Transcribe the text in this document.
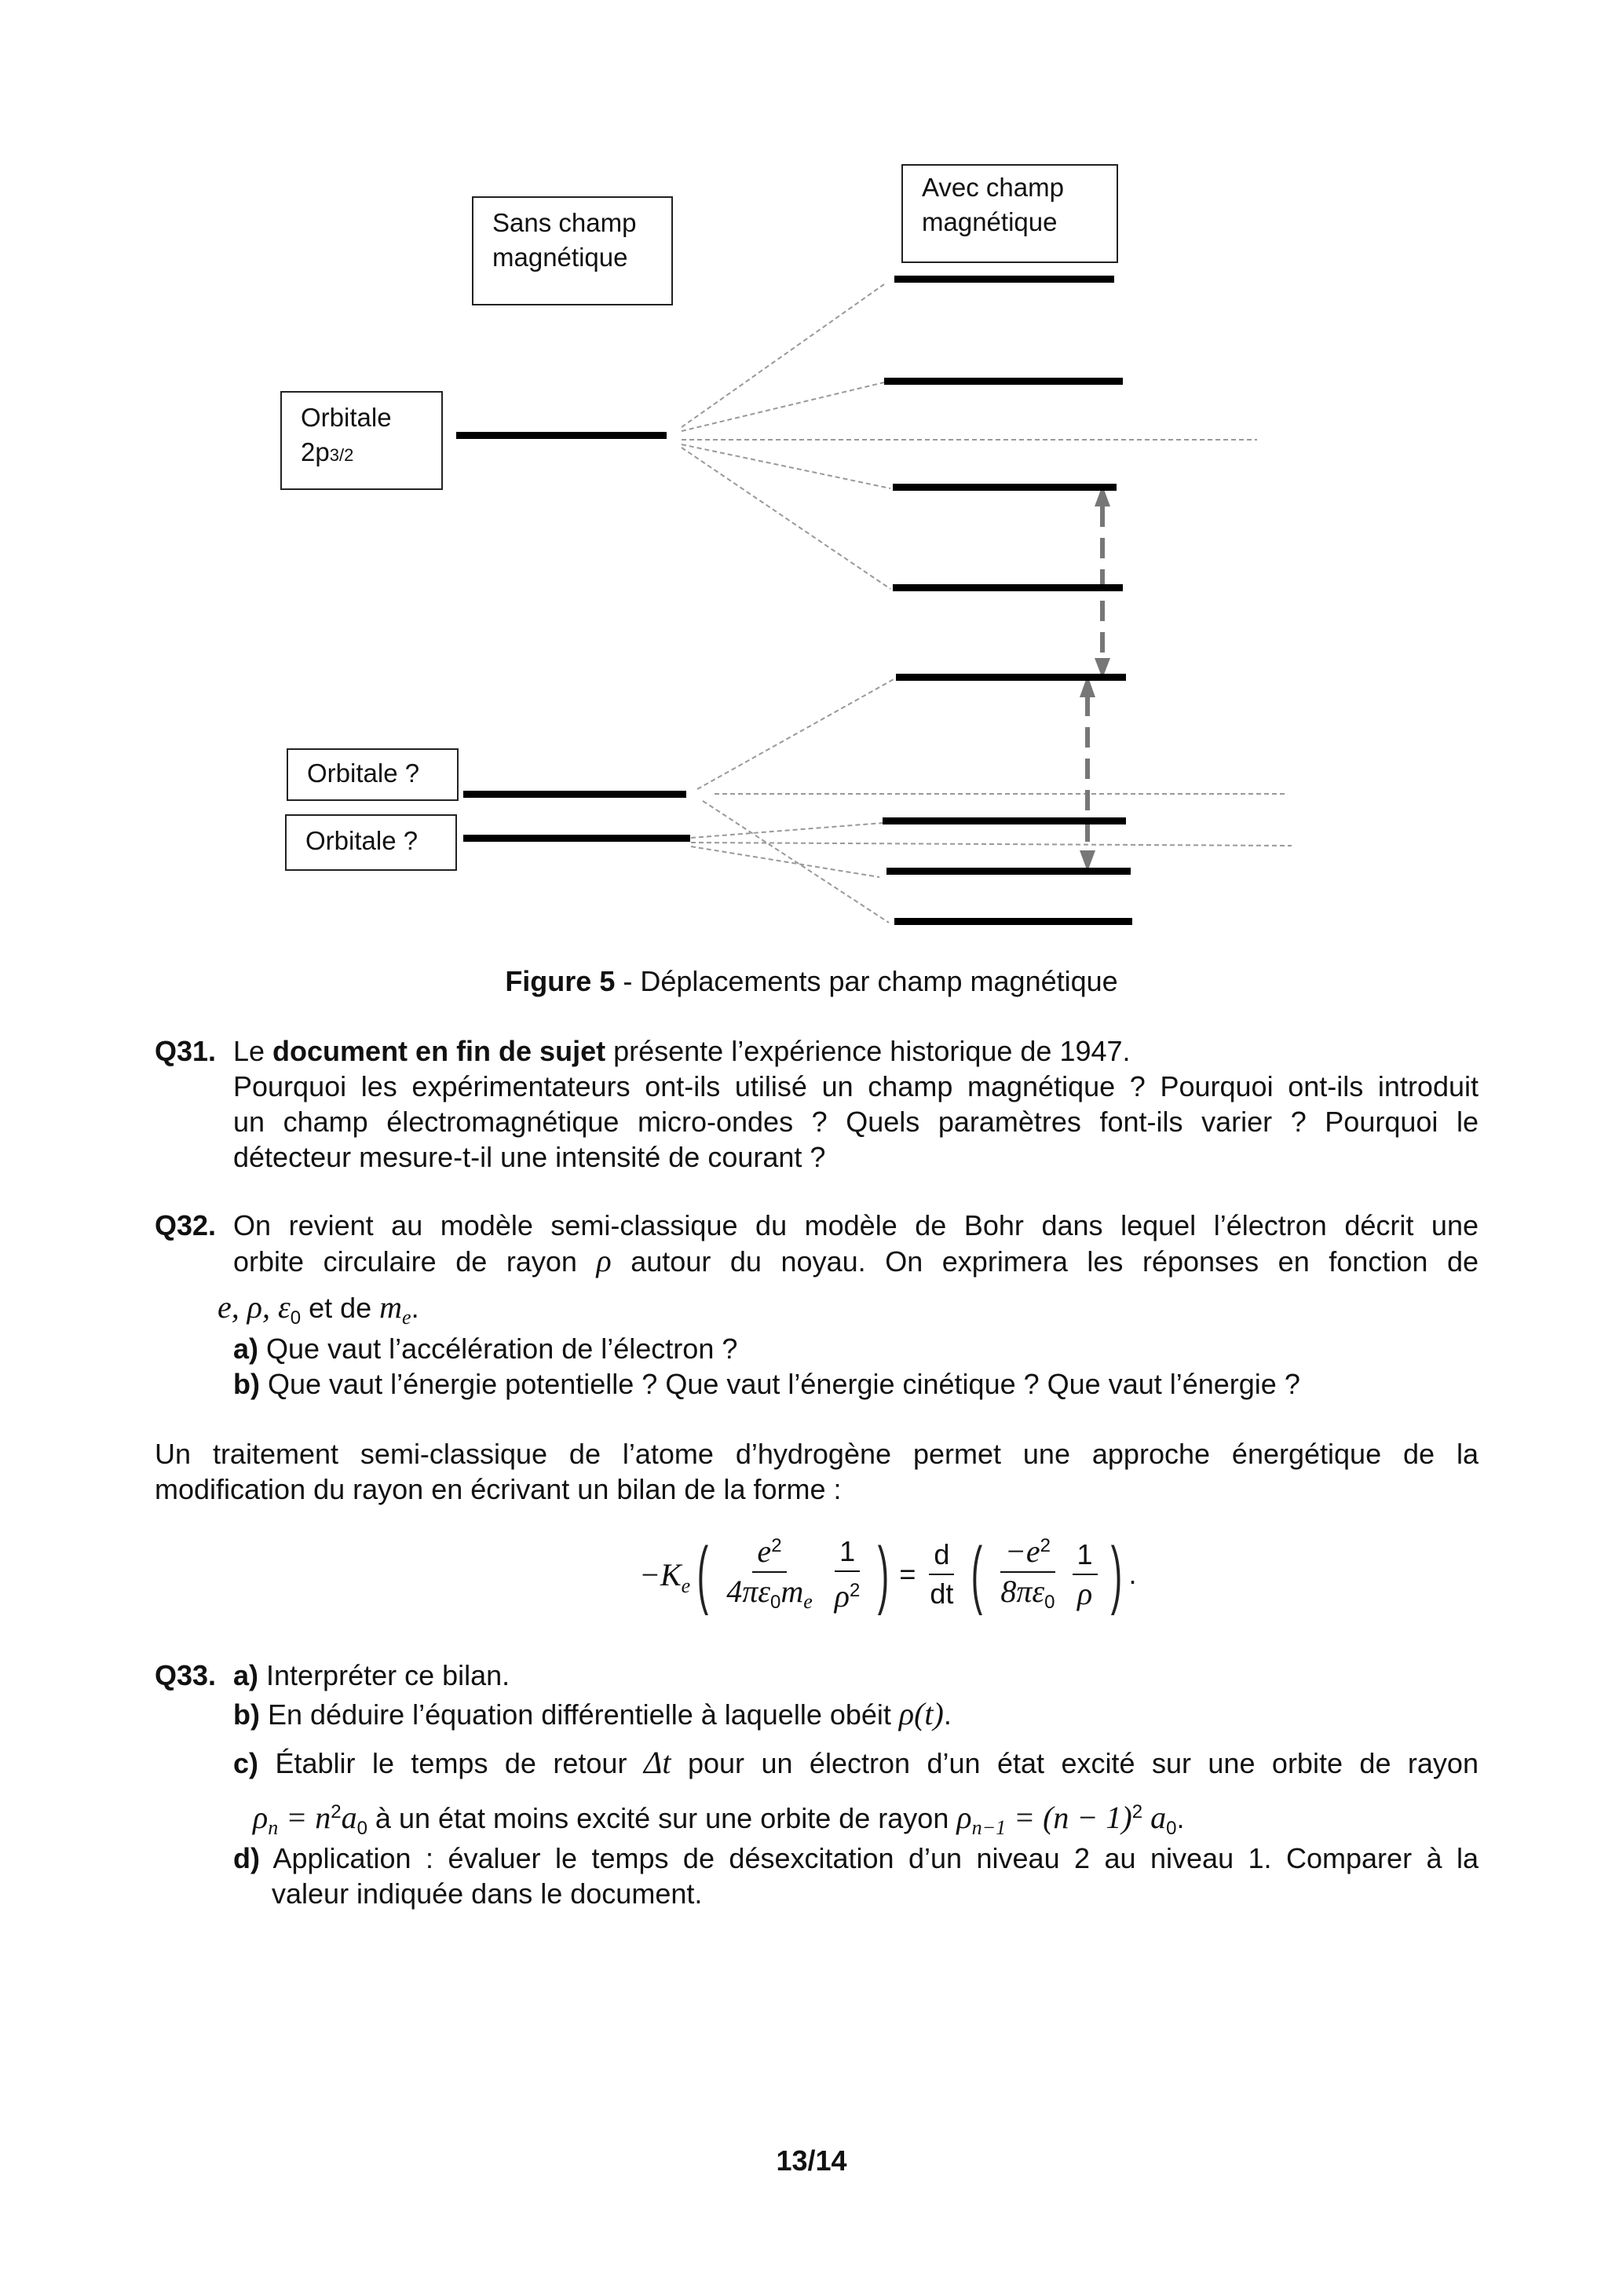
Sans champ
magnétique
Avec champ
magnétique
Orbitale
2p3/2
Orbitale ?
Orbitale ?
Figure 5 - Déplacements par champ magnétique
Q31. Le document en fin de sujet présente l’expérience historique de 1947.
Pourquoi les expérimentateurs ont-ils utilisé un champ magnétique ? Pourquoi ont-ils introduit
un champ électromagnétique micro-ondes ? Quels paramètres font-ils varier ? Pourquoi le
détecteur mesure-t-il une intensité de courant ?
Q32. On revient au modèle semi-classique du modèle de Bohr dans lequel l’électron décrit une
orbite circulaire de rayon ρ autour du noyau. On exprimera les réponses en fonction de
e, ρ, $\varepsilon_0$ et de $m_e$.
a) Que vaut l’accélération de l’électron ?
b) Que vaut l’énergie potentielle ? Que vaut l’énergie cinétique ? Que vaut l’énergie ?
Un traitement semi-classique de l’atome d’hydrogène permet une approche énergétique de la
modification du rayon en écrivant un bilan de la forme :
$-K_e$ ( $\frac{e^2}{4\pi\varepsilon_0m_e} \frac{1}{\rho^2}$ ) = $\frac{d}{dt}$ ( $\frac{-e^2}{8\pi\varepsilon_0} \frac{1}{\rho}$ ) .
Q33. a) Interpréter ce bilan.
b) En déduire l’équation différentielle à laquelle obéit ρ(t).
c) Établir le temps de retour Δt pour un électron d’un état excité sur une orbite de rayon
$\rho_n = n^2a_0$ à un état moins excité sur une orbite de rayon $\rho_{n-1} = (n - 1)^2$ $a_0$.
d) Application : évaluer le temps de désexcitation d’un niveau 2 au niveau 1. Comparer à la
valeur indiquée dans le document.
13/14
